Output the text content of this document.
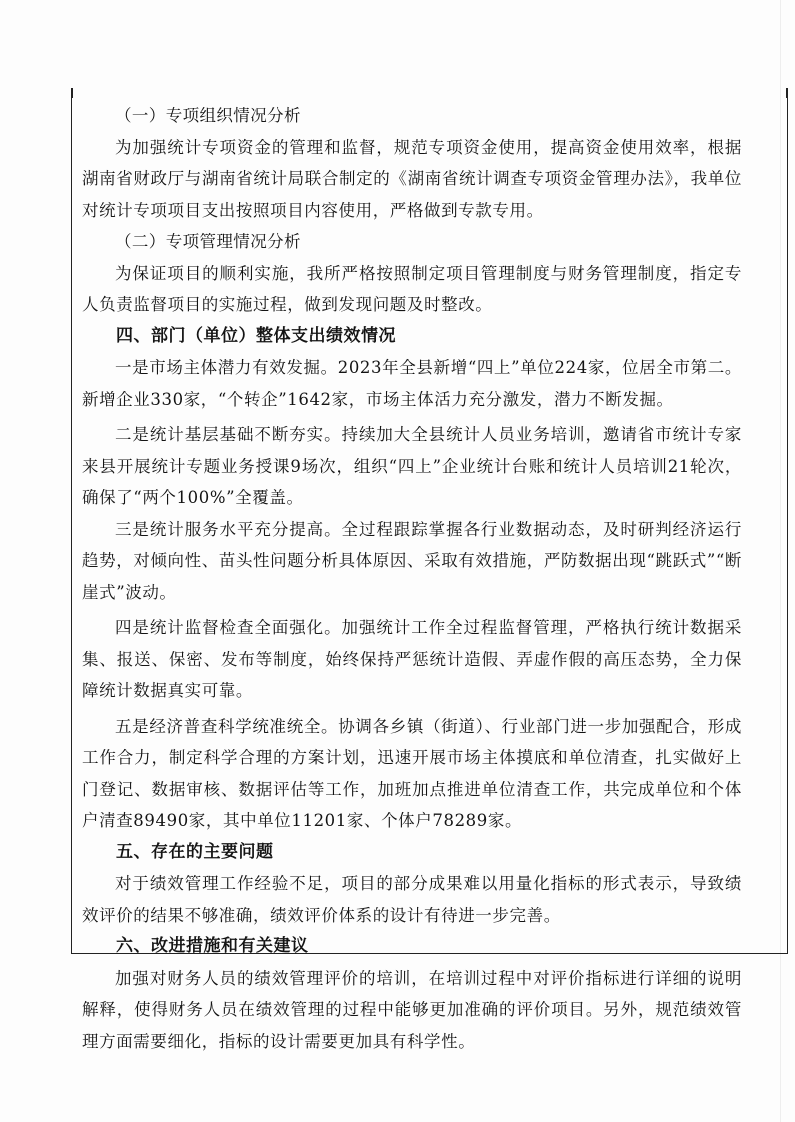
（一）专项组织情况分析

为加强统计专项资金的管理和监督，规范专项资金使用，提高资金使用效率，根据湖南省财政厅与湖南省统计局联合制定的《湖南省统计调查专项资金管理办法》，我单位对统计专项项目支出按照项目内容使用，严格做到专款专用。

（二）专项管理情况分析

为保证项目的顺利实施，我所严格按照制定项目管理制度与财务管理制度，指定专人负责监督项目的实施过程，做到发现问题及时整改。

四、部门（单位）整体支出绩效情况

一是市场主体潜力有效发掘。2023年全县新增“四上”单位224家，位居全市第二。新增企业330家，“个转企”1642家，市场主体活力充分激发，潜力不断发掘。

二是统计基层基础不断夯实。持续加大全县统计人员业务培训，邀请省市统计专家来县开展统计专题业务授课9场次，组织“四上”企业统计台账和统计人员培训21轮次，确保了“两个100%”全覆盖。

三是统计服务水平充分提高。全过程跟踪掌握各行业数据动态，及时研判经济运行趋势，对倾向性、苗头性问题分析具体原因、采取有效措施，严防数据出现“跳跃式”“断崖式”波动。

四是统计监督检查全面强化。加强统计工作全过程监督管理，严格执行统计数据采集、报送、保密、发布等制度，始终保持严惩统计造假、弄虚作假的高压态势，全力保障统计数据真实可靠。

五是经济普查科学统准统全。协调各乡镇（街道）、行业部门进一步加强配合，形成工作合力，制定科学合理的方案计划，迅速开展市场主体摸底和单位清查，扎实做好上门登记、数据审核、数据评估等工作，加班加点推进单位清查工作，共完成单位和个体户清查89490家，其中单位11201家、个体户78289家。

五、存在的主要问题

对于绩效管理工作经验不足，项目的部分成果难以用量化指标的形式表示，导致绩效评价的结果不够准确，绩效评价体系的设计有待进一步完善。

六、改进措施和有关建议

加强对财务人员的绩效管理评价的培训，在培训过程中对评价指标进行详细的说明解释，使得财务人员在绩效管理的过程中能够更加准确的评价项目。另外，规范绩效管理方面需要细化，指标的设计需要更加具有科学性。
